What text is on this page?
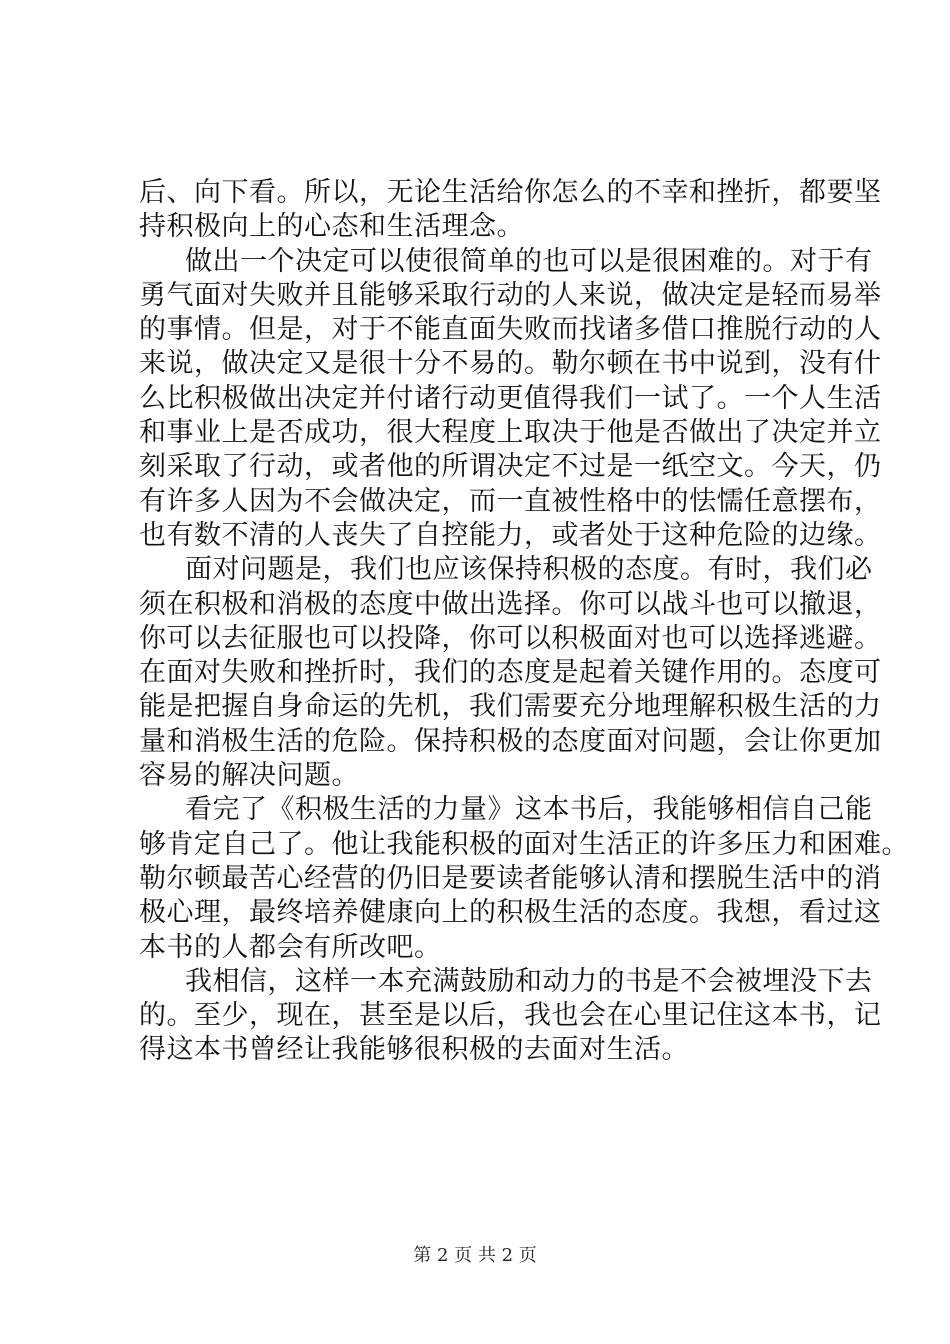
后、向下看。所以，无论生活给你怎么的不幸和挫折，都要坚
持积极向上的心态和生活理念。
做出一个决定可以使很简单的也可以是很困难的。对于有
勇气面对失败并且能够采取行动的人来说，做决定是轻而易举
的事情。但是，对于不能直面失败而找诸多借口推脱行动的人
来说，做决定又是很十分不易的。勒尔顿在书中说到，没有什
么比积极做出决定并付诸行动更值得我们一试了。一个人生活
和事业上是否成功，很大程度上取决于他是否做出了决定并立
刻采取了行动，或者他的所谓决定不过是一纸空文。今天，仍
有许多人因为不会做决定，而一直被性格中的怯懦任意摆布，
也有数不清的人丧失了自控能力，或者处于这种危险的边缘。
面对问题是，我们也应该保持积极的态度。有时，我们必
须在积极和消极的态度中做出选择。你可以战斗也可以撤退，
你可以去征服也可以投降，你可以积极面对也可以选择逃避。
在面对失败和挫折时，我们的态度是起着关键作用的。态度可
能是把握自身命运的先机，我们需要充分地理解积极生活的力
量和消极生活的危险。保持积极的态度面对问题，会让你更加
容易的解决问题。
看完了《积极生活的力量》这本书后，我能够相信自己能
够肯定自己了。他让我能积极的面对生活正的许多压力和困难。
勒尔顿最苦心经营的仍旧是要读者能够认清和摆脱生活中的消
极心理，最终培养健康向上的积极生活的态度。我想，看过这
本书的人都会有所改吧。
我相信，这样一本充满鼓励和动力的书是不会被埋没下去
的。至少，现在，甚至是以后，我也会在心里记住这本书，记
得这本书曾经让我能够很积极的去面对生活。
第 2 页 共 2 页
